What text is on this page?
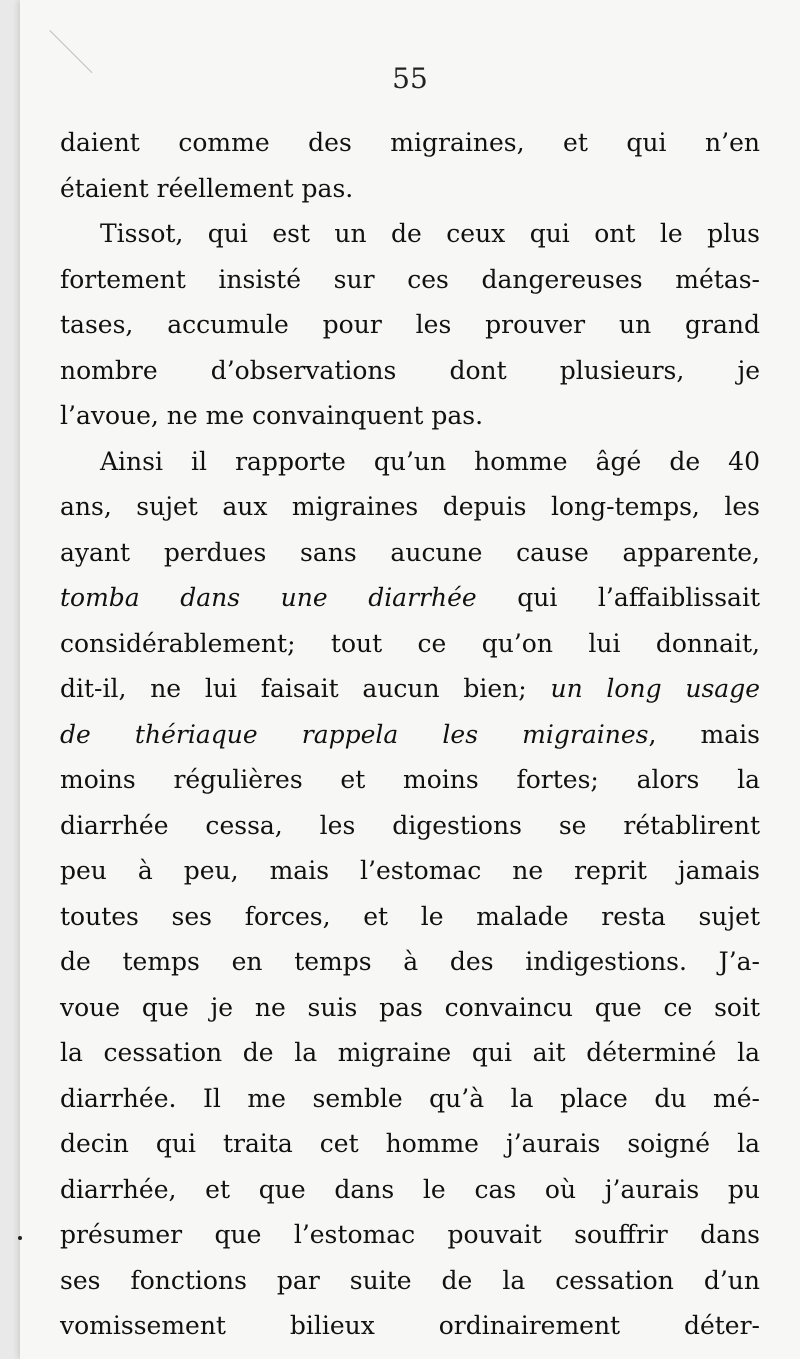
55
daient comme des migraines, et qui n’en
étaient réellement pas.
Tissot, qui est un de ceux qui ont le plus
fortement insisté sur ces dangereuses métas-
tases, accumule pour les prouver un grand
nombre d’observations dont plusieurs, je
l’avoue, ne me convainquent pas.
Ainsi il rapporte qu’un homme âgé de 40
ans, sujet aux migraines depuis long-temps, les
ayant perdues sans aucune cause apparente,
tomba dans une diarrhée qui l’affaiblissait
considérablement; tout ce qu’on lui donnait,
dit-il, ne lui faisait aucun bien; un long usage
de thériaque rappela les migraines, mais
moins régulières et moins fortes; alors la
diarrhée cessa, les digestions se rétablirent
peu à peu, mais l’estomac ne reprit jamais
toutes ses forces, et le malade resta sujet
de temps en temps à des indigestions. J’a-
voue que je ne suis pas convaincu que ce soit
la cessation de la migraine qui ait déterminé la
diarrhée. Il me semble qu’à la place du mé-
decin qui traita cet homme j’aurais soigné la
diarrhée, et que dans le cas où j’aurais pu
présumer que l’estomac pouvait souffrir dans
ses fonctions par suite de la cessation d’un
vomissement bilieux ordinairement déter-
